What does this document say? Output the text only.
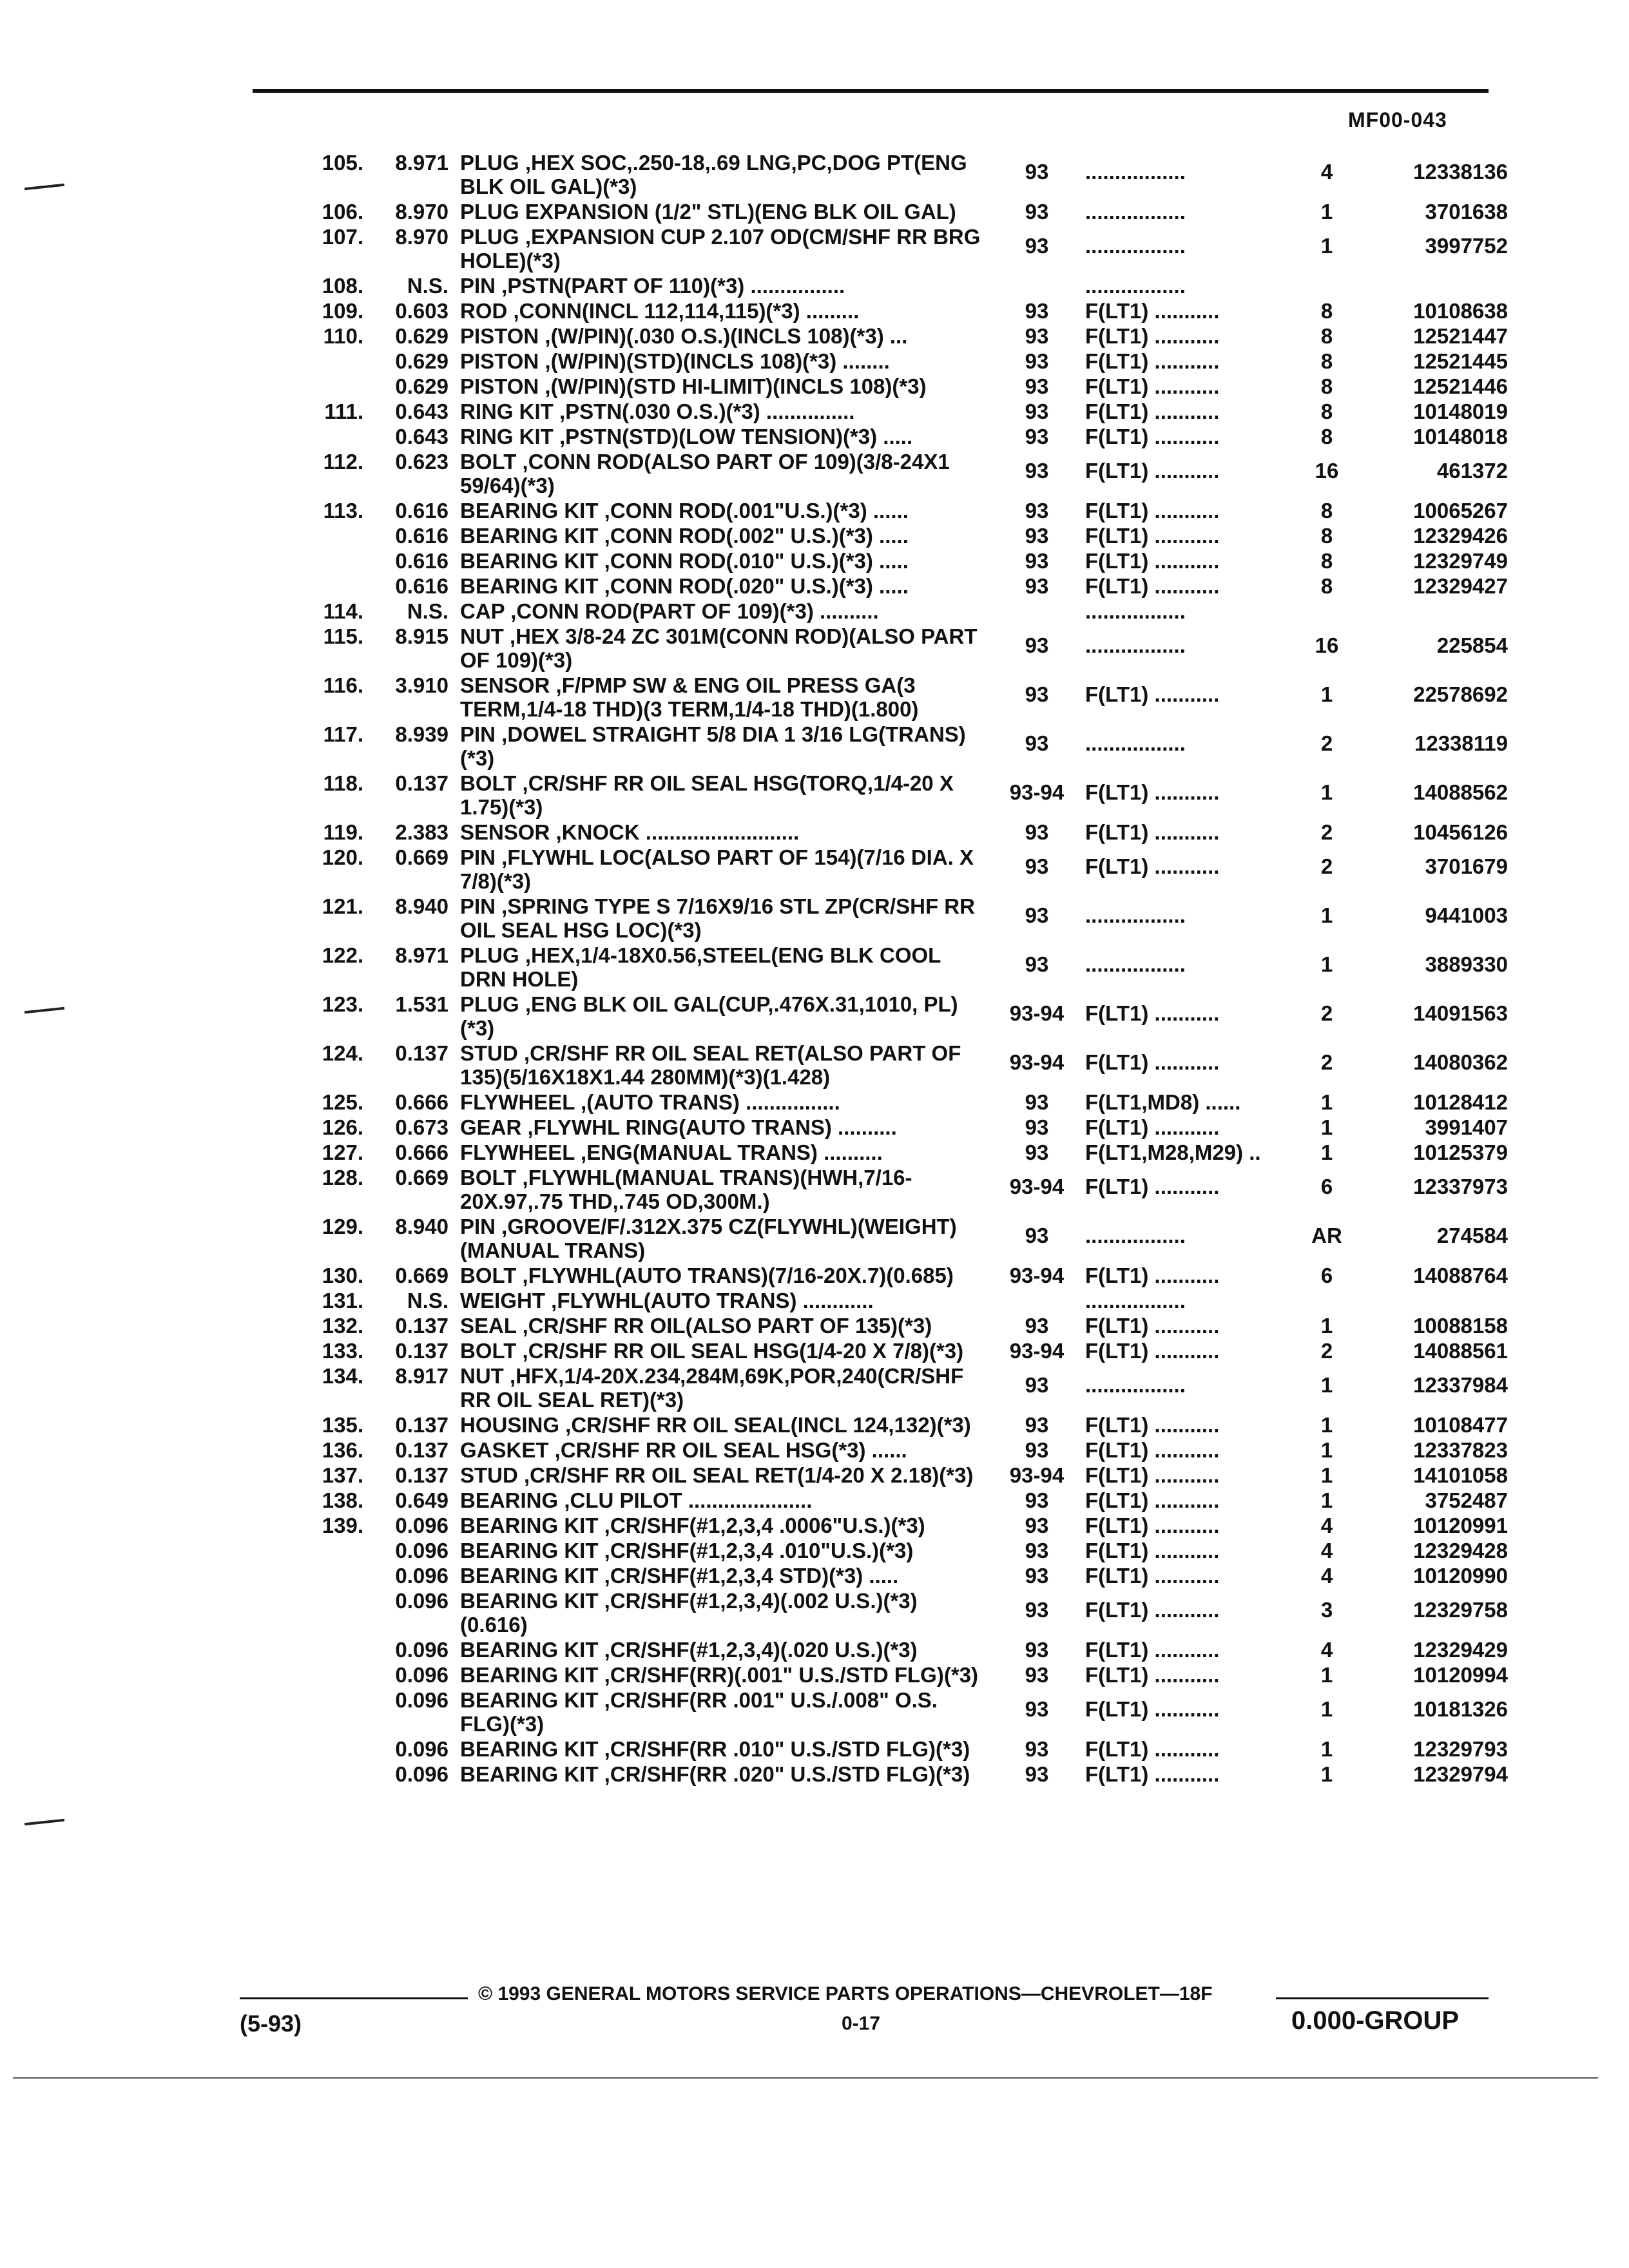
MF00-043
105.	8.971 PLUG ,HEX SOC,.250-18,.69 LNG,PC,DOG PT(ENG BLK OIL GAL)(*3)
93	.................	4	12338136
106.	8.970 PLUG EXPANSION (1/2" STL)(ENG BLK OIL GAL)	93	.................	1	3701638
107.	8.970 PLUG ,EXPANSION CUP 2.107 OD(CM/SHF RR BRG HOLE)(*3)
93	.................	1	3997752
108.	N.S. PIN ,PSTN(PART OF 110)(*3) ................	.................
109.	0.603 ROD ,CONN(INCL 112,114,115)(*3) .........	93	F(LT1) ...........	8	10108638
110.	0.629 PISTON ,(W/PIN)(.030 O.S.)(INCLS 108)(*3) ...	93	F(LT1) ...........	8	12521447
0.629 PISTON ,(W/PIN)(STD)(INCLS 108)(*3) ........	93	F(LT1) ...........	8	12521445
0.629 PISTON ,(W/PIN)(STD HI-LIMIT)(INCLS 108)(*3)	93	F(LT1) ...........	8	12521446
111.	0.643 RING KIT ,PSTN(.030 O.S.)(*3) ...............	93	F(LT1) ...........	8	10148019
0.643 RING KIT ,PSTN(STD)(LOW TENSION)(*3) .....	93	F(LT1) ...........	8	10148018
112.	0.623 BOLT ,CONN ROD(ALSO PART OF 109)(3/8-24X1 59/64)(*3)
93	F(LT1) ...........	16	461372
113.	0.616 BEARING KIT ,CONN ROD(.001"U.S.)(*3) ......	93	F(LT1) ...........	8	10065267
0.616 BEARING KIT ,CONN ROD(.002" U.S.)(*3) .....	93	F(LT1) ...........	8	12329426
0.616 BEARING KIT ,CONN ROD(.010" U.S.)(*3) .....	93	F(LT1) ...........	8	12329749
0.616 BEARING KIT ,CONN ROD(.020" U.S.)(*3) .....	93	F(LT1) ...........	8	12329427
114.	N.S. CAP ,CONN ROD(PART OF 109)(*3) ..........	.................
115.	8.915 NUT ,HEX 3/8-24 ZC 301M(CONN ROD)(ALSO PART OF 109)(*3)
93	.................	16	225854
116.	3.910 SENSOR ,F/PMP SW & ENG OIL PRESS GA(3 TERM,1/4-18 THD)(3 TERM,1/4-18 THD)(1.800)
93	F(LT1) ...........	1	22578692
117.	8.939 PIN ,DOWEL STRAIGHT 5/8 DIA 1 3/16 LG(TRANS)(*3)
93	.................	2	12338119
118.	0.137 BOLT ,CR/SHF RR OIL SEAL HSG(TORQ,1/4-20 X 1.75)(*3)
93-94 F(LT1) ...........	1	14088562
119.	2.383 SENSOR ,KNOCK ..........................	93	F(LT1) ...........	2	10456126
120.	0.669 PIN ,FLYWHL LOC(ALSO PART OF 154)(7/16 DIA. X 7/8)(*3)
93	F(LT1) ...........	2	3701679
121.	8.940 PIN ,SPRING TYPE S 7/16X9/16 STL ZP(CR/SHF RR OIL SEAL HSG LOC)(*3)
93	.................	1	9441003
122.	8.971 PLUG ,HEX,1/4-18X0.56,STEEL(ENG BLK COOL DRN HOLE)
93	.................	1	3889330
123.	1.531 PLUG ,ENG BLK OIL GAL(CUP,.476X.31,1010, PL)(*3)
93-94 F(LT1) ...........	2	14091563
124.	0.137 STUD ,CR/SHF RR OIL SEAL RET(ALSO PART OF 135)(5/16X18X1.44 280MM)(*3)(1.428)
93-94 F(LT1) ...........	2	14080362
125.	0.666 FLYWHEEL ,(AUTO TRANS) ................	93	F(LT1,MD8) ......	1	10128412
126.	0.673 GEAR ,FLYWHL RING(AUTO TRANS) ..........	93	F(LT1) ...........	1	3991407
127.	0.666 FLYWHEEL ,ENG(MANUAL TRANS) ..........	93	F(LT1,M28,M29) ..	1	10125379
128.	0.669 BOLT ,FLYWHL(MANUAL TRANS)(HWH,7/16-20X.97,.75 THD,.745 OD,300M.)
93-94 F(LT1) ...........	6	12337973
129.	8.940 PIN ,GROOVE/F/.312X.375 CZ(FLYWHL)(WEIGHT)(MANUAL TRANS)
93	.................	AR	274584
130.	0.669 BOLT ,FLYWHL(AUTO TRANS)(7/16-20X.7)(0.685)	93-94 F(LT1) ...........	6	14088764
131.	N.S. WEIGHT ,FLYWHL(AUTO TRANS) ............	.................
132.	0.137 SEAL ,CR/SHF RR OIL(ALSO PART OF 135)(*3)	93	F(LT1) ...........	1	10088158
133.	0.137 BOLT ,CR/SHF RR OIL SEAL HSG(1/4-20 X 7/8)(*3)	93-94 F(LT1) ...........	2	14088561
134.	8.917 NUT ,HFX,1/4-20X.234,284M,69K,POR,240(CR/SHF RR OIL SEAL RET)(*3)
93	.................	1	12337984
135.	0.137 HOUSING ,CR/SHF RR OIL SEAL(INCL 124,132)(*3)	93	F(LT1) ...........	1	10108477
136.	0.137 GASKET ,CR/SHF RR OIL SEAL HSG(*3) ......	93	F(LT1) ...........	1	12337823
137.	0.137 STUD ,CR/SHF RR OIL SEAL RET(1/4-20 X 2.18)(*3)	93-94 F(LT1) ...........	1	14101058
138.	0.649 BEARING ,CLU PILOT .....................	93	F(LT1) ...........	1	3752487
139.	0.096 BEARING KIT ,CR/SHF(#1,2,3,4 .0006"U.S.)(*3)	93	F(LT1) ...........	4	10120991
0.096 BEARING KIT ,CR/SHF(#1,2,3,4 .010"U.S.)(*3)	93	F(LT1) ...........	4	12329428
0.096 BEARING KIT ,CR/SHF(#1,2,3,4 STD)(*3) .....	93	F(LT1) ...........	4	10120990
0.096 BEARING KIT ,CR/SHF(#1,2,3,4)(.002 U.S.)(*3)(0.616)
93	F(LT1) ...........	3	12329758
0.096 BEARING KIT ,CR/SHF(#1,2,3,4)(.020 U.S.)(*3)	93	F(LT1) ...........	4	12329429
0.096 BEARING KIT ,CR/SHF(RR)(.001" U.S./STD FLG)(*3)	93	F(LT1) ...........	1	10120994
0.096 BEARING KIT ,CR/SHF(RR .001" U.S./.008" O.S. FLG)(*3)
93	F(LT1) ...........	1	10181326
0.096 BEARING KIT ,CR/SHF(RR .010" U.S./STD FLG)(*3)	93	F(LT1) ...........	1	12329793
0.096 BEARING KIT ,CR/SHF(RR .020" U.S./STD FLG)(*3)	93	F(LT1) ...........	1	12329794
(5-93)
© 1993 GENERAL MOTORS SERVICE PARTS OPERATIONS—CHEVROLET—18F
0-17	0.000-GROUP
